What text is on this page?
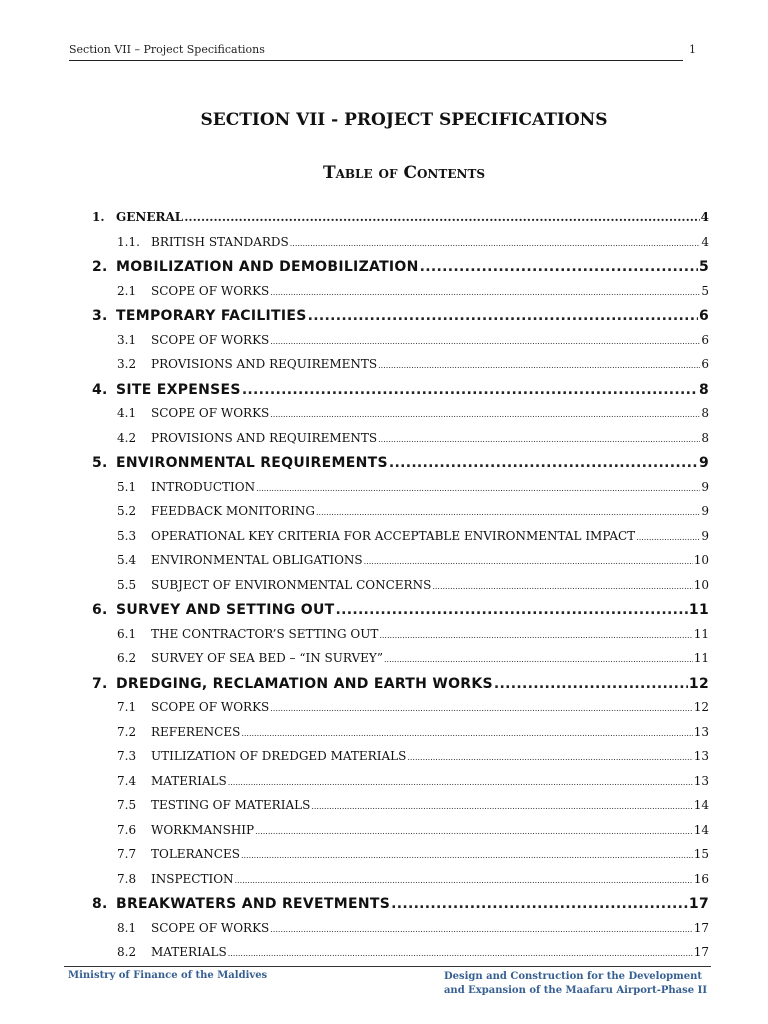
Section VII – Project Specifications	1
SECTION VII - PROJECT SPECIFICATIONS
Table of Contents
1. GENERAL .....	4
1.1. BRITISH STANDARDS .....	4
2. MOBILIZATION AND DEMOBILIZATION .....	5
2.1	SCOPE OF WORKS .....	5
3. TEMPORARY FACILITIES .....	6
3.1	SCOPE OF WORKS .....	6
3.2	PROVISIONS AND REQUIREMENTS .....	6
4. SITE EXPENSES .....	8
4.1	SCOPE OF WORKS .....	8
4.2	PROVISIONS AND REQUIREMENTS .....	8
5. ENVIRONMENTAL REQUIREMENTS .....	9
5.1	INTRODUCTION .....	9
5.2	FEEDBACK MONITORING .....	9
5.3	OPERATIONAL KEY CRITERIA FOR ACCEPTABLE ENVIRONMENTAL IMPACT .....	9
5.4	ENVIRONMENTAL OBLIGATIONS .....	10
5.5	SUBJECT OF ENVIRONMENTAL CONCERNS .....	10
6. SURVEY AND SETTING OUT .....	11
6.1	THE CONTRACTOR’S SETTING OUT .....	11
6.2	SURVEY OF SEA BED – “IN SURVEY” .....	11
7. DREDGING, RECLAMATION AND EARTH WORKS .....	12
7.1	SCOPE OF WORKS .....	12
7.2	REFERENCES .....	13
7.3	UTILIZATION OF DREDGED MATERIALS .....	13
7.4	MATERIALS .....	13
7.5	TESTING OF MATERIALS .....	14
7.6	WORKMANSHIP .....	14
7.7	TOLERANCES .....	15
7.8	INSPECTION .....	16
8. BREAKWATERS AND REVETMENTS .....	17
8.1	SCOPE OF WORKS .....	17
8.2	MATERIALS .....	17
Ministry of Finance of the Maldives	Design and Construction for the Development
and Expansion of the Maafaru Airport-Phase II
